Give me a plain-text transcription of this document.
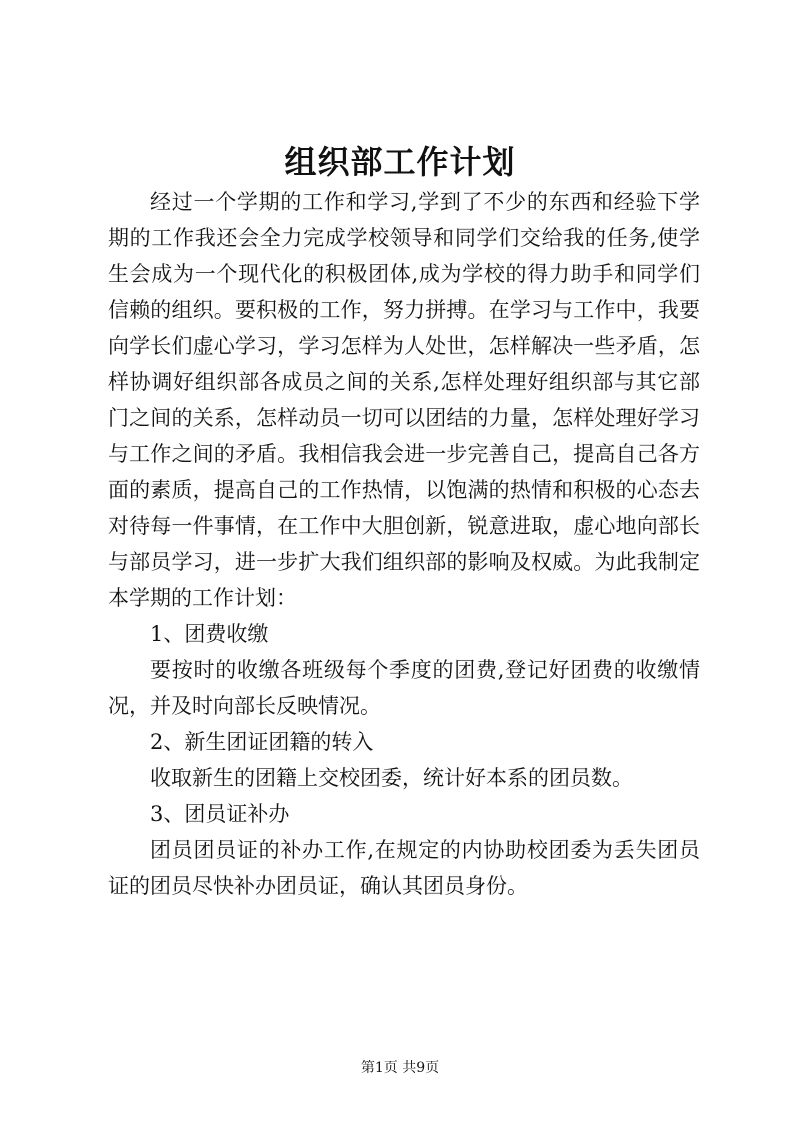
组织部工作计划

经过一个学期的工作和学习,学到了不少的东西和经验下学期的工作我还会全力完成学校领导和同学们交给我的任务,使学生会成为一个现代化的积极团体,成为学校的得力助手和同学们信赖的组织。要积极的工作，努力拼搏。在学习与工作中，我要向学长们虚心学习，学习怎样为人处世，怎样解决一些矛盾，怎样协调好组织部各成员之间的关系,怎样处理好组织部与其它部门之间的关系，怎样动员一切可以团结的力量，怎样处理好学习与工作之间的矛盾。我相信我会进一步完善自己，提高自己各方面的素质，提高自己的工作热情，以饱满的热情和积极的心态去对待每一件事情，在工作中大胆创新，锐意进取，虚心地向部长与部员学习，进一步扩大我们组织部的影响及权威。为此我制定本学期的工作计划：

1、团费收缴

要按时的收缴各班级每个季度的团费,登记好团费的收缴情况，并及时向部长反映情况。

2、新生团证团籍的转入

收取新生的团籍上交校团委，统计好本系的团员数。

3、团员证补办

团员团员证的补办工作,在规定的内协助校团委为丢失团员证的团员尽快补办团员证，确认其团员身份。

第1页 共9页
